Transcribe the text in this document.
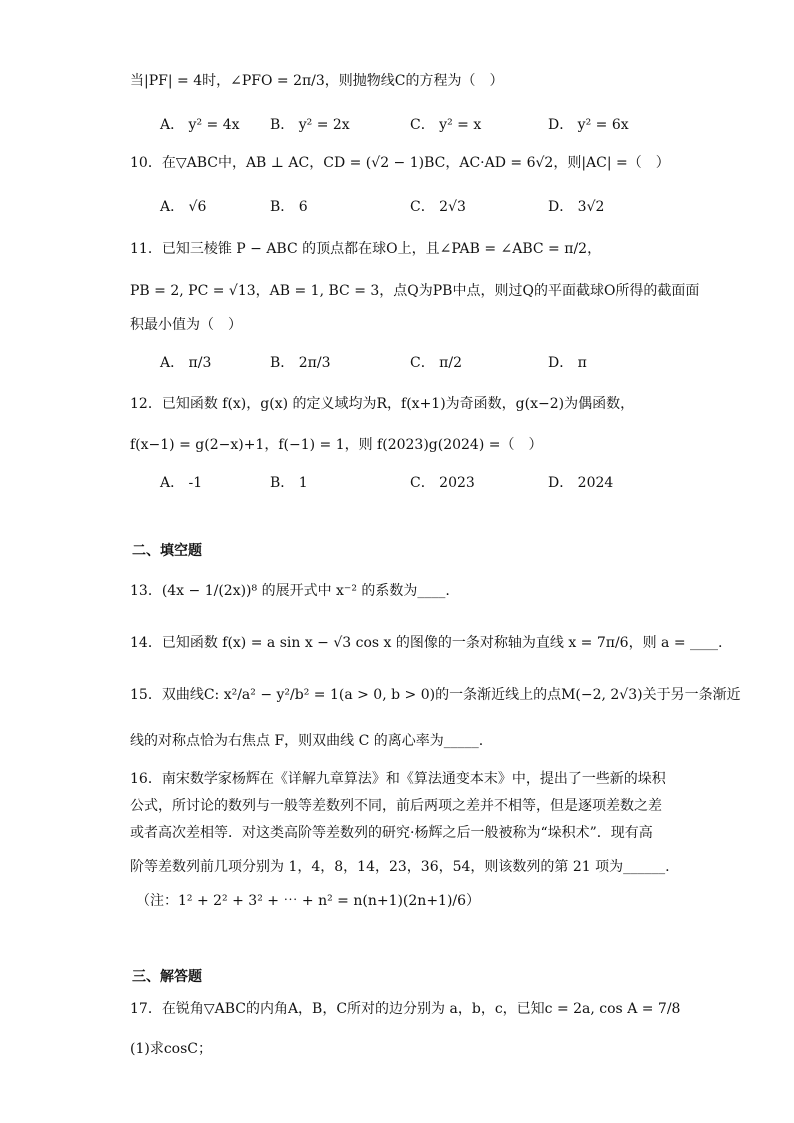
当|PF| = 4时，∠PFO = 2π/3，则抛物线C的方程为（　）
A． y² = 4x B． y² = 2x	C． y² = x	D． y² = 6x
10．在▽ABC中，AB ⊥ AC，CD = (√2 − 1)BC，AC·AD = 6√2，则|AC| =（　）
A． √6	B． 6	C． 2√3	D． 3√2
11．已知三棱锥 P − ABC 的顶点都在球O上，且∠PAB = ∠ABC = π/2，
PB = 2, PC = √13，AB = 1, BC = 3，点Q为PB中点，则过Q的平面截球O所得的截面面
积最小值为（　）
A． π/3	B． 2π/3	C． π/2	D． π
12．已知函数 f(x)，g(x) 的定义域均为R，f(x+1)为奇函数，g(x−2)为偶函数，
f(x−1) = g(2−x)+1，f(−1) = 1，则 f(2023)g(2024) =（　）
A． -1	B． 1	C． 2023	D． 2024
二、填空题
13．(4x − 1/(2x))⁸ 的展开式中 x⁻² 的系数为____.
14．已知函数 f(x) = a sin x − √3 cos x 的图像的一条对称轴为直线 x = 7π/6，则 a = ____.
15．双曲线C: x²/a² − y²/b² = 1(a > 0, b > 0)的一条渐近线上的点M(−2, 2√3)关于另一条渐近
线的对称点恰为右焦点 F，则双曲线 C 的离心率为_____.
16．南宋数学家杨辉在《详解九章算法》和《算法通变本末》中，提出了一些新的垛积
公式，所讨论的数列与一般等差数列不同，前后两项之差并不相等，但是逐项差数之差
或者高次差相等．对这类高阶等差数列的研究·杨辉之后一般被称为“垛积术”．现有高
阶等差数列前几项分别为 1，4，8，14，23，36，54，则该数列的第 21 项为______.
（注：1² + 2² + 3² + ⋯ + n² = n(n+1)(2n+1)/6）
三、解答题
17．在锐角▽ABC的内角A，B，C所对的边分别为 a，b，c，已知c = 2a, cos A = 7/8
(1)求cosC；
